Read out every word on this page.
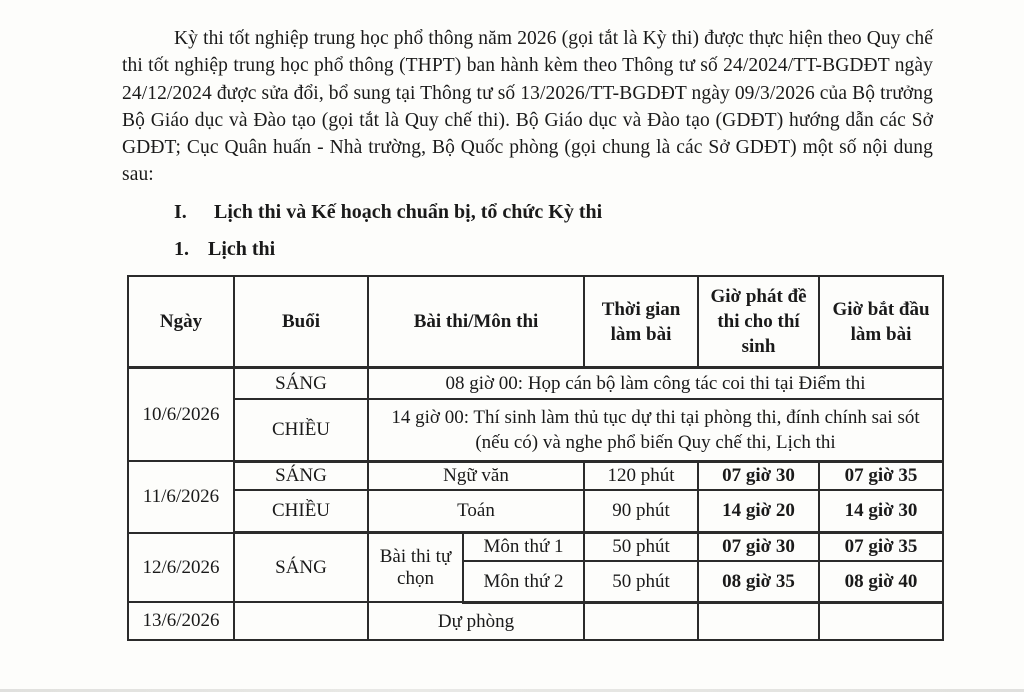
Kỳ thi tốt nghiệp trung học phổ thông năm 2026 (gọi tắt là Kỳ thi) được thực hiện theo Quy chế thi tốt nghiệp trung học phổ thông (THPT) ban hành kèm theo Thông tư số 24/2024/TT-BGDĐT ngày 24/12/2024 được sửa đổi, bổ sung tại Thông tư số 13/2026/TT-BGDĐT ngày 09/3/2026 của Bộ trưởng Bộ Giáo dục và Đào tạo (gọi tắt là Quy chế thi). Bộ Giáo dục và Đào tạo (GDĐT) hướng dẫn các Sở GDĐT; Cục Quân huấn - Nhà trường, Bộ Quốc phòng (gọi chung là các Sở GDĐT) một số nội dung sau:

I.	Lịch thi và Kế hoạch chuẩn bị, tổ chức Kỳ thi
1. Lịch thi
Ngày	Buổi	Bài thi/Môn thi		Thời gian làm bài	Giờ phát đề thi cho thí sinh	Giờ bắt đầu làm bài
10/6/2026	SÁNG	08 giờ 00: Họp cán bộ làm công tác coi thi tại Điểm thi				
	CHIỀU	14 giờ 00: Thí sinh làm thủ tục dự thi tại phòng thi, đính chính sai sót (nếu có) và nghe phổ biến Quy chế thi, Lịch thi				
11/6/2026	SÁNG	Ngữ văn		120 phút	07 giờ 30	07 giờ 35
	CHIỀU	Toán		90 phút	14 giờ 20	14 giờ 30
12/6/2026	SÁNG	Bài thi tự chọn	Môn thứ 1	50 phút	07 giờ 30	07 giờ 35
			Môn thứ 2	50 phút	08 giờ 35	08 giờ 40
13/6/2026		Dự phòng				
